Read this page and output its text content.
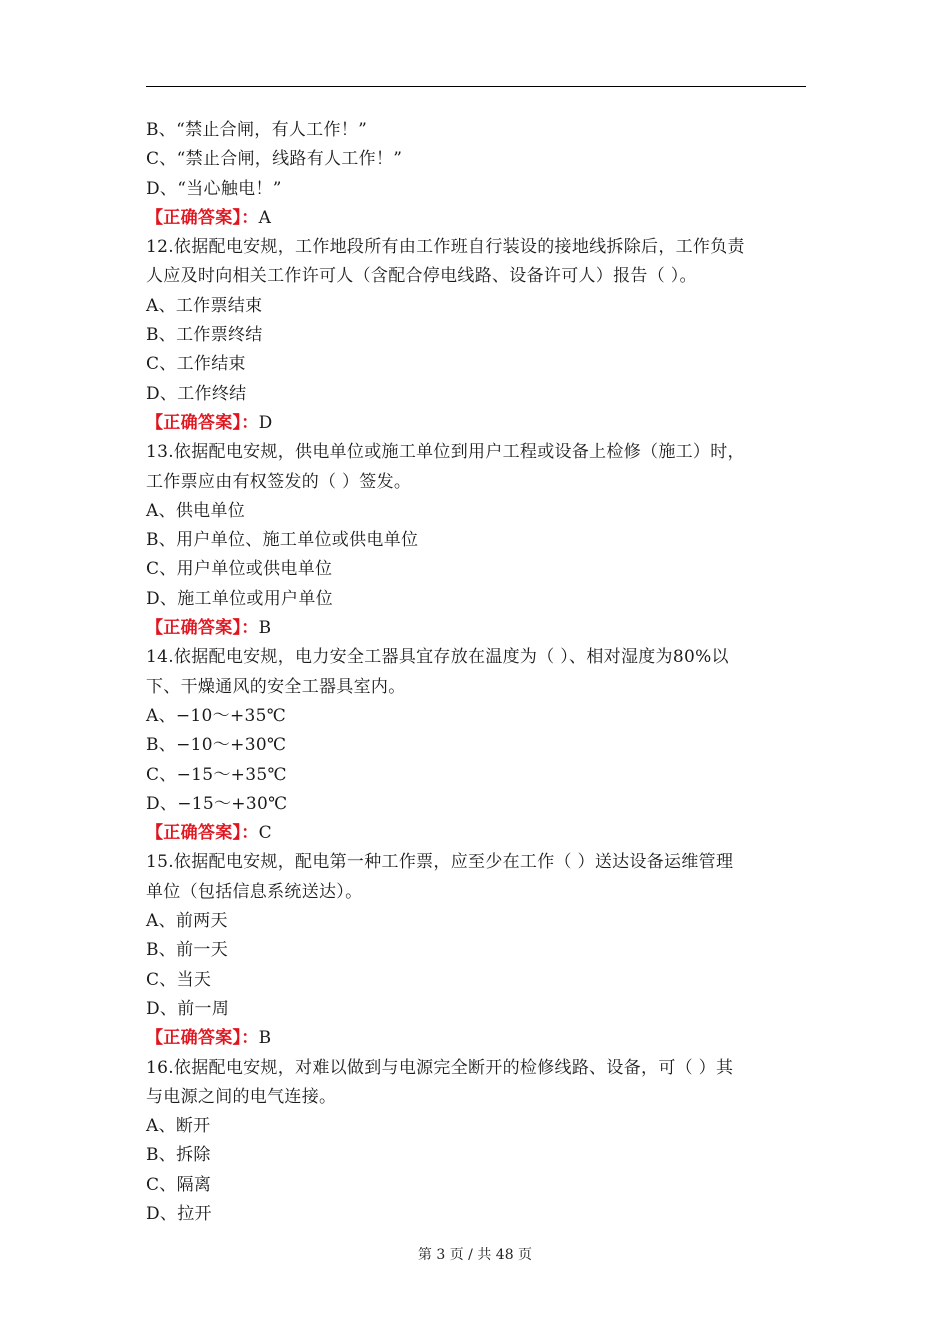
B、“禁止合闸，有人工作！”
C、“禁止合闸，线路有人工作！”
D、“当心触电！”
【正确答案】：A
12.依据配电安规，工作地段所有由工作班自行装设的接地线拆除后，工作负责
人应及时向相关工作许可人（含配合停电线路、设备许可人）报告（ ）。
A、工作票结束
B、工作票终结
C、工作结束
D、工作终结
【正确答案】：D
13.依据配电安规，供电单位或施工单位到用户工程或设备上检修（施工）时，
工作票应由有权签发的（ ）签发。
A、供电单位
B、用户单位、施工单位或供电单位
C、用户单位或供电单位
D、施工单位或用户单位
【正确答案】：B
14.依据配电安规，电力安全工器具宜存放在温度为（ ）、相对湿度为80%以
下、干燥通风的安全工器具室内。
A、−10～+35℃
B、−10～+30℃
C、−15～+35℃
D、−15～+30℃
【正确答案】：C
15.依据配电安规，配电第一种工作票，应至少在工作（ ）送达设备运维管理
单位（包括信息系统送达）。
A、前两天
B、前一天
C、当天
D、前一周
【正确答案】：B
16.依据配电安规，对难以做到与电源完全断开的检修线路、设备，可（ ）其
与电源之间的电气连接。
A、断开
B、拆除
C、隔离
D、拉开
第 3 页 / 共 48 页
